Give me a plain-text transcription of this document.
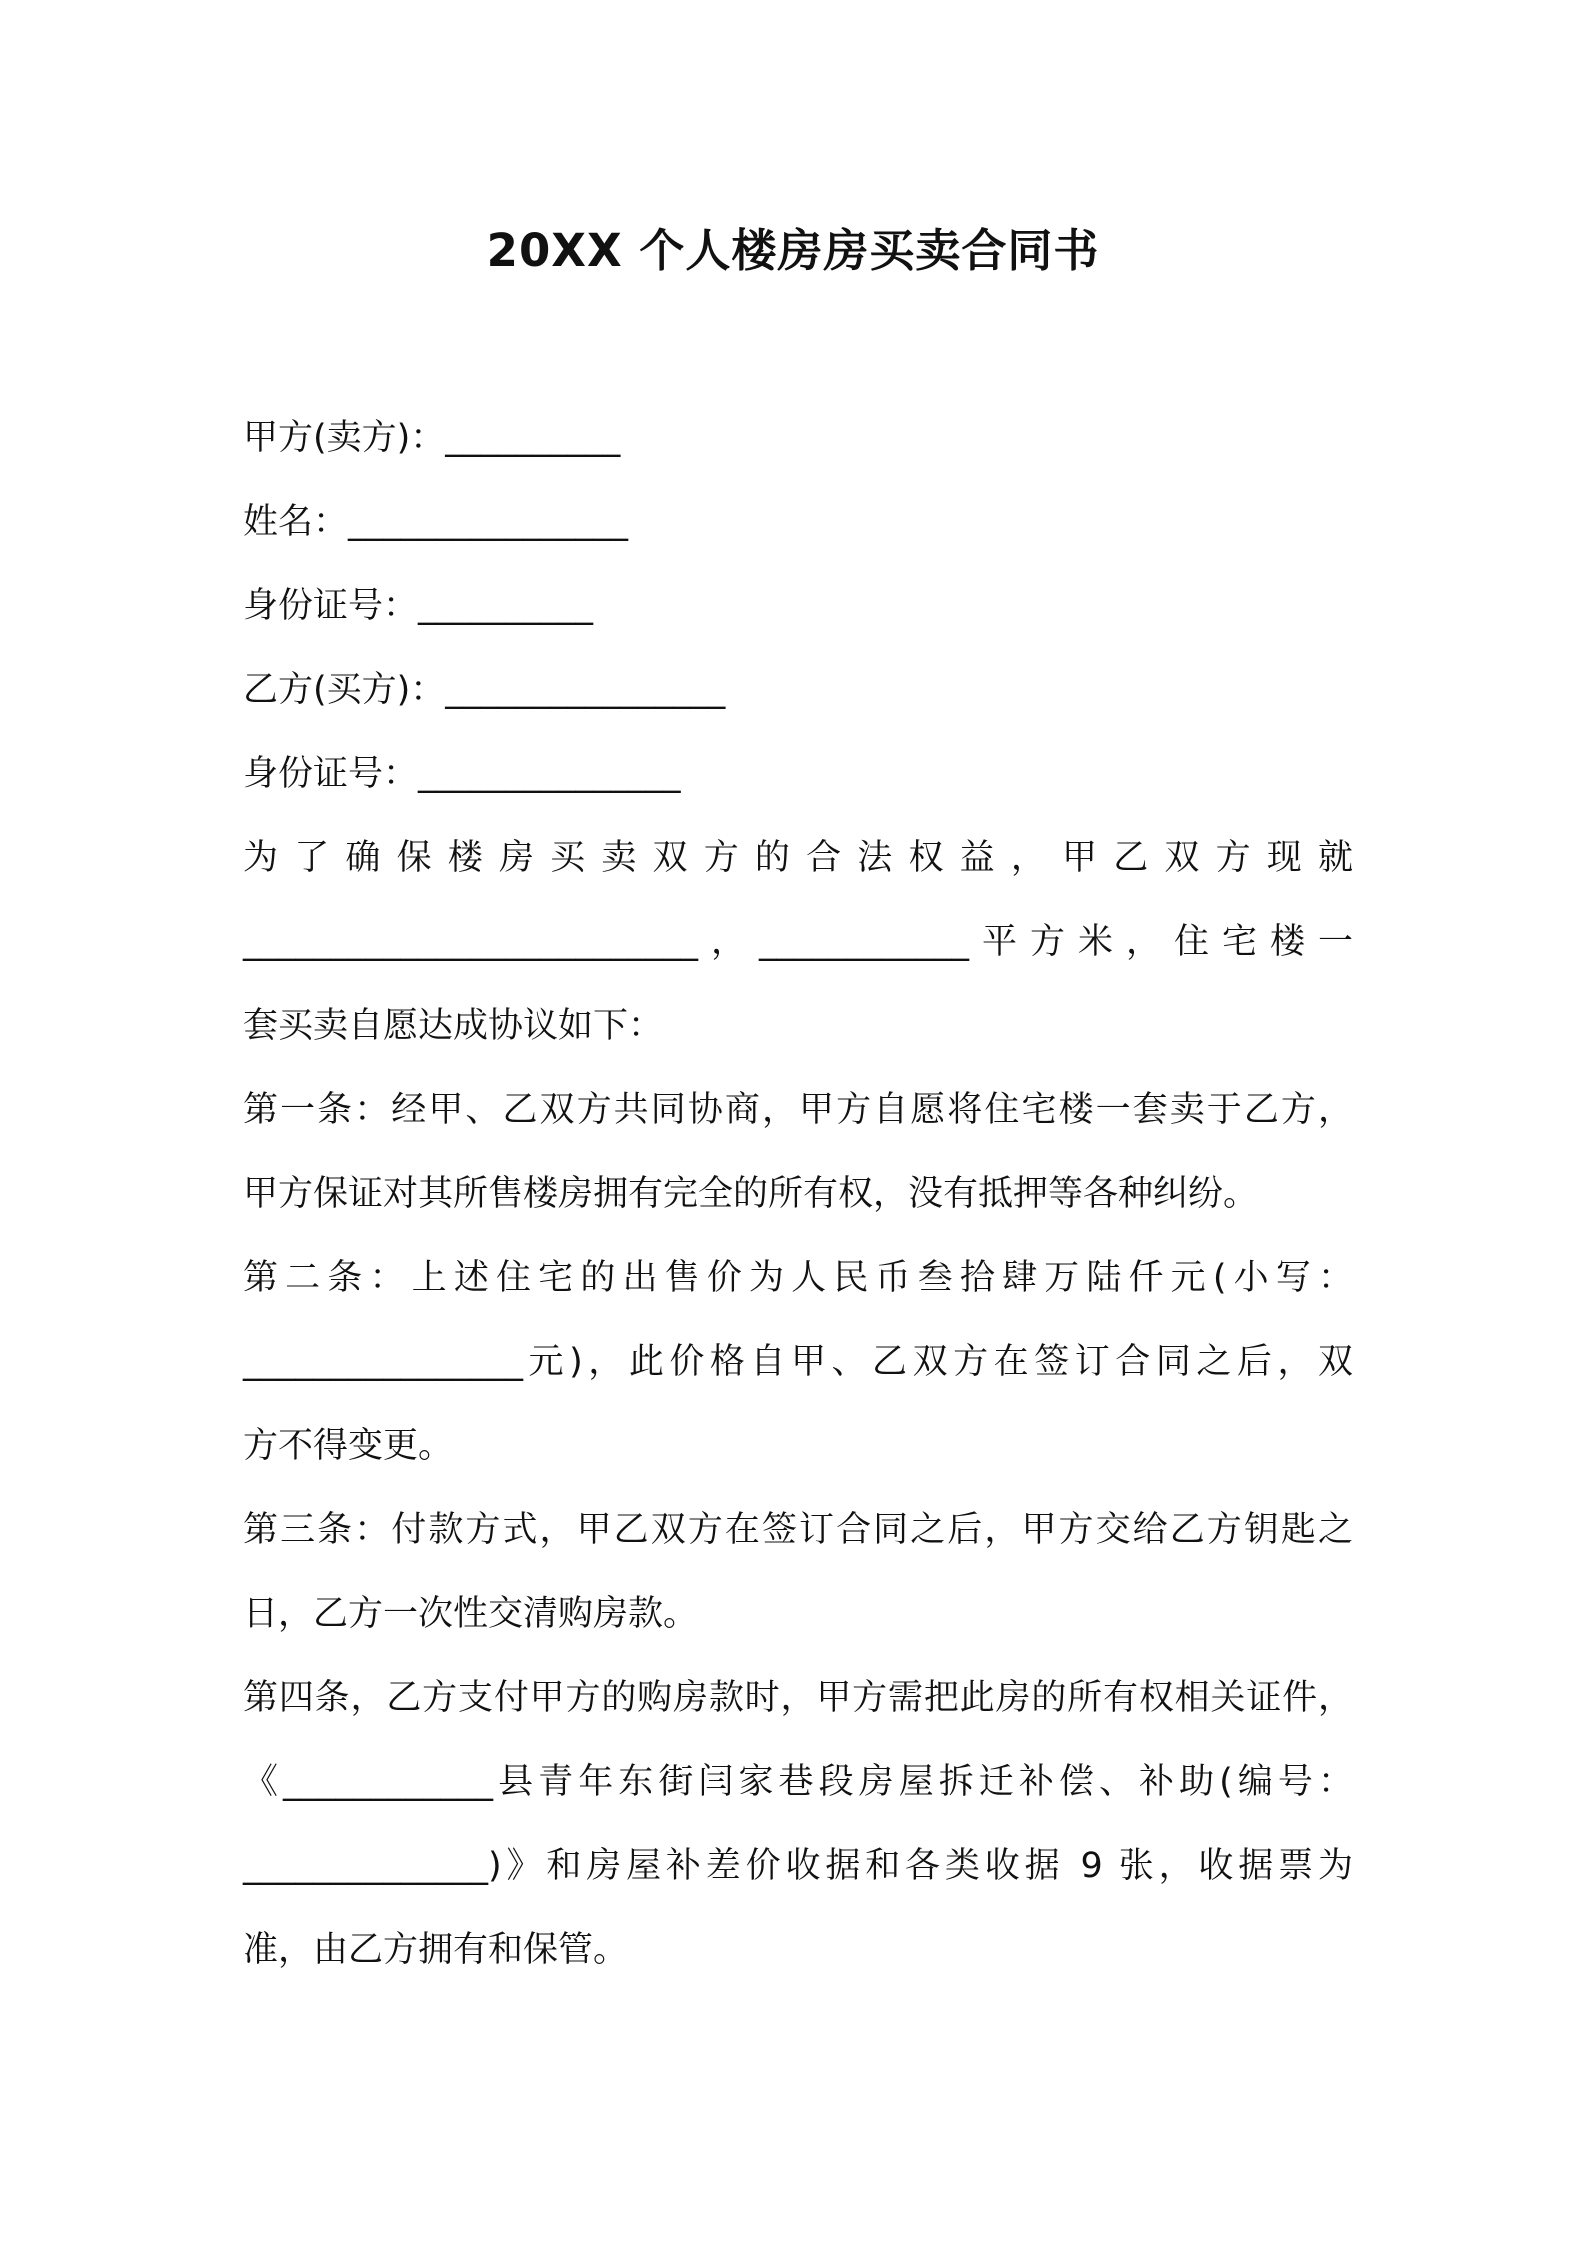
20XX 个人楼房房买卖合同书
甲方(卖方)：__________
姓名：________________
身份证号：__________
乙方(买方)：________________
身份证号：_______________
为 了 确 保 楼 房 买 卖 双 方 的 合 法 权 益 ， 甲 乙 双 方 现 就
__________________________，____________平方米，住宅楼一
套买卖自愿达成协议如下：
第一条：经甲、乙双方共同协商，甲方自愿将住宅楼一套卖于乙方，
甲方保证对其所售楼房拥有完全的所有权，没有抵押等各种纠纷。
第二条：上述住宅的出售价为人民币叁拾肆万陆仟元(小写：
________________元)，此价格自甲、乙双方在签订合同之后，双
方不得变更。
第三条：付款方式，甲乙双方在签订合同之后，甲方交给乙方钥匙之
日，乙方一次性交清购房款。
第四条，乙方支付甲方的购房款时，甲方需把此房的所有权相关证件，
《____________县青年东街闫家巷段房屋拆迁补偿、补助(编号：
______________)》和房屋补差价收据和各类收据 9 张，收据票为
准，由乙方拥有和保管。
